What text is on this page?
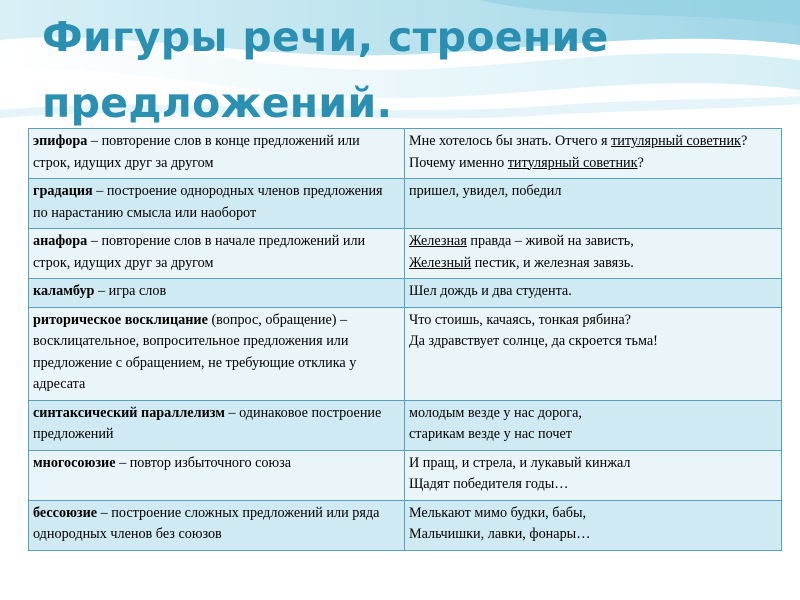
Фигуры речи, строение
предложений.
эпифора – повторение слов в конце предложений или строк, идущих друг за другом	Мне хотелось бы знать. Отчего я титулярный советник? Почему именно титулярный советник?
градация – построение однородных членов предложения по нарастанию смысла или наоборот	пришел, увидел, победил
анафора – повторение слов в начале предложений или строк, идущих друг за другом	Железная правда – живой на зависть,
Железный пестик, и железная завязь.

каламбур – игра слов	Шел дождь и два студента.
риторическое восклицание (вопрос, обращение) – восклицательное, вопросительное предложения или предложение с обращением, не требующие отклика у адресата	Что стоишь, качаясь, тонкая рябина?
Да здравствует солнце, да скроется тьма!

синтаксический параллелизм – одинаковое построение предложений	молодым везде у нас дорога,
старикам везде у нас почет

многосоюзие – повтор избыточного союза	И пращ, и стрела, и лукавый кинжал
Щадят победителя годы…

бессоюзие – построение сложных предложений или ряда однородных членов без союзов	Мелькают мимо будки, бабы,
Мальчишки, лавки, фонары…
